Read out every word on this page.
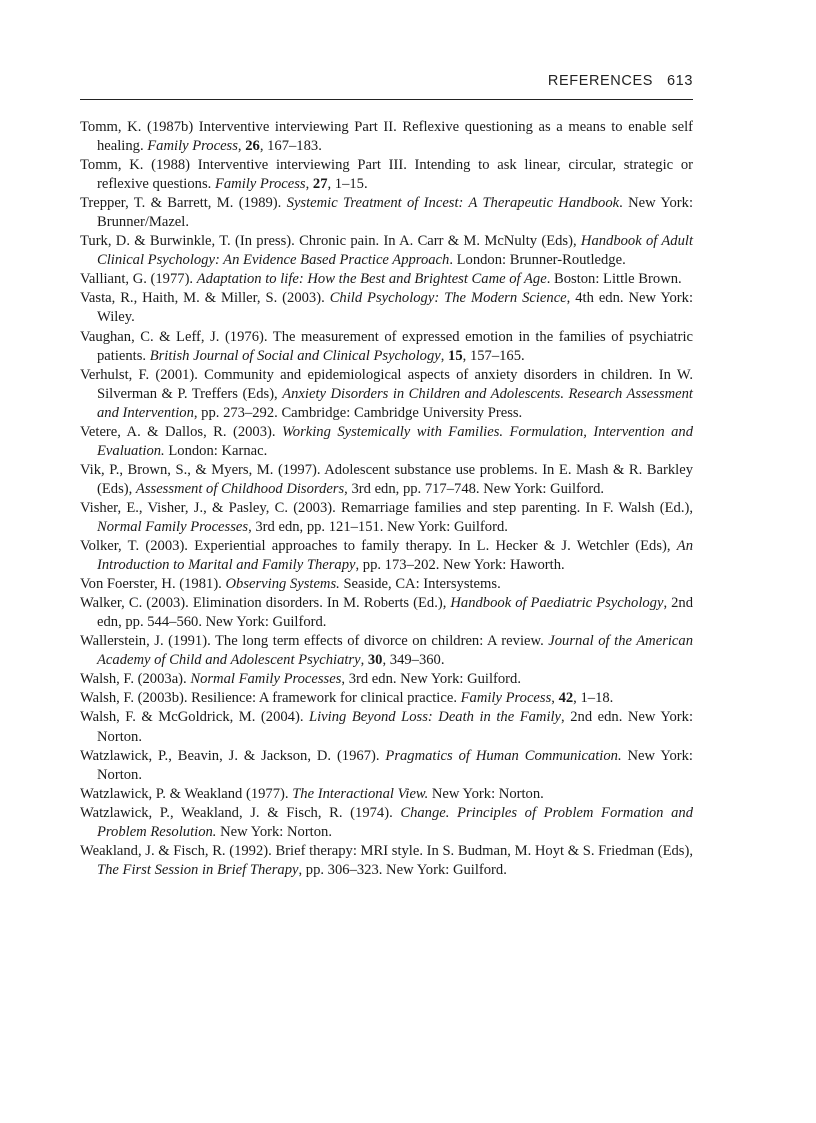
REFERENCES 613

Tomm, K. (1987b) Interventive interviewing Part II. Reflexive questioning as a means to enable self healing. Family Process, 26, 167–183.

Tomm, K. (1988) Interventive interviewing Part III. Intending to ask linear, circular, strategic or reflexive questions. Family Process, 27, 1–15.

Trepper, T. & Barrett, M. (1989). Systemic Treatment of Incest: A Therapeutic Handbook. New York: Brunner/Mazel.

Turk, D. & Burwinkle, T. (In press). Chronic pain. In A. Carr & M. McNulty (Eds), Handbook of Adult Clinical Psychology: An Evidence Based Practice Approach. London: Brunner-Routledge.

Valliant, G. (1977). Adaptation to life: How the Best and Brightest Came of Age. Boston: Little Brown.

Vasta, R., Haith, M. & Miller, S. (2003). Child Psychology: The Modern Science, 4th edn. New York: Wiley.

Vaughan, C. & Leff, J. (1976). The measurement of expressed emotion in the families of psychiatric patients. British Journal of Social and Clinical Psychology, 15, 157–165.

Verhulst, F. (2001). Community and epidemiological aspects of anxiety disorders in children. In W. Silverman & P. Treffers (Eds), Anxiety Disorders in Children and Adolescents. Research Assessment and Intervention, pp. 273–292. Cambridge: Cambridge University Press.

Vetere, A. & Dallos, R. (2003). Working Systemically with Families. Formulation, Intervention and Evaluation. London: Karnac.

Vik, P., Brown, S., & Myers, M. (1997). Adolescent substance use problems. In E. Mash & R. Barkley (Eds), Assessment of Childhood Disorders, 3rd edn, pp. 717–748. New York: Guilford.

Visher, E., Visher, J., & Pasley, C. (2003). Remarriage families and step parenting. In F. Walsh (Ed.), Normal Family Processes, 3rd edn, pp. 121–151. New York: Guilford.

Volker, T. (2003). Experiential approaches to family therapy. In L. Hecker & J. Wetchler (Eds), An Introduction to Marital and Family Therapy, pp. 173–202. New York: Haworth.

Von Foerster, H. (1981). Observing Systems. Seaside, CA: Intersystems.

Walker, C. (2003). Elimination disorders. In M. Roberts (Ed.), Handbook of Paediatric Psychology, 2nd edn, pp. 544–560. New York: Guilford.

Wallerstein, J. (1991). The long term effects of divorce on children: A review. Journal of the American Academy of Child and Adolescent Psychiatry, 30, 349–360.

Walsh, F. (2003a). Normal Family Processes, 3rd edn. New York: Guilford.

Walsh, F. (2003b). Resilience: A framework for clinical practice. Family Process, 42, 1–18.

Walsh, F. & McGoldrick, M. (2004). Living Beyond Loss: Death in the Family, 2nd edn. New York: Norton.

Watzlawick, P., Beavin, J. & Jackson, D. (1967). Pragmatics of Human Communication. New York: Norton.

Watzlawick, P. & Weakland (1977). The Interactional View. New York: Norton.

Watzlawick, P., Weakland, J. & Fisch, R. (1974). Change. Principles of Problem Formation and Problem Resolution. New York: Norton.

Weakland, J. & Fisch, R. (1992). Brief therapy: MRI style. In S. Budman, M. Hoyt & S. Friedman (Eds), The First Session in Brief Therapy, pp. 306–323. New York: Guilford.
